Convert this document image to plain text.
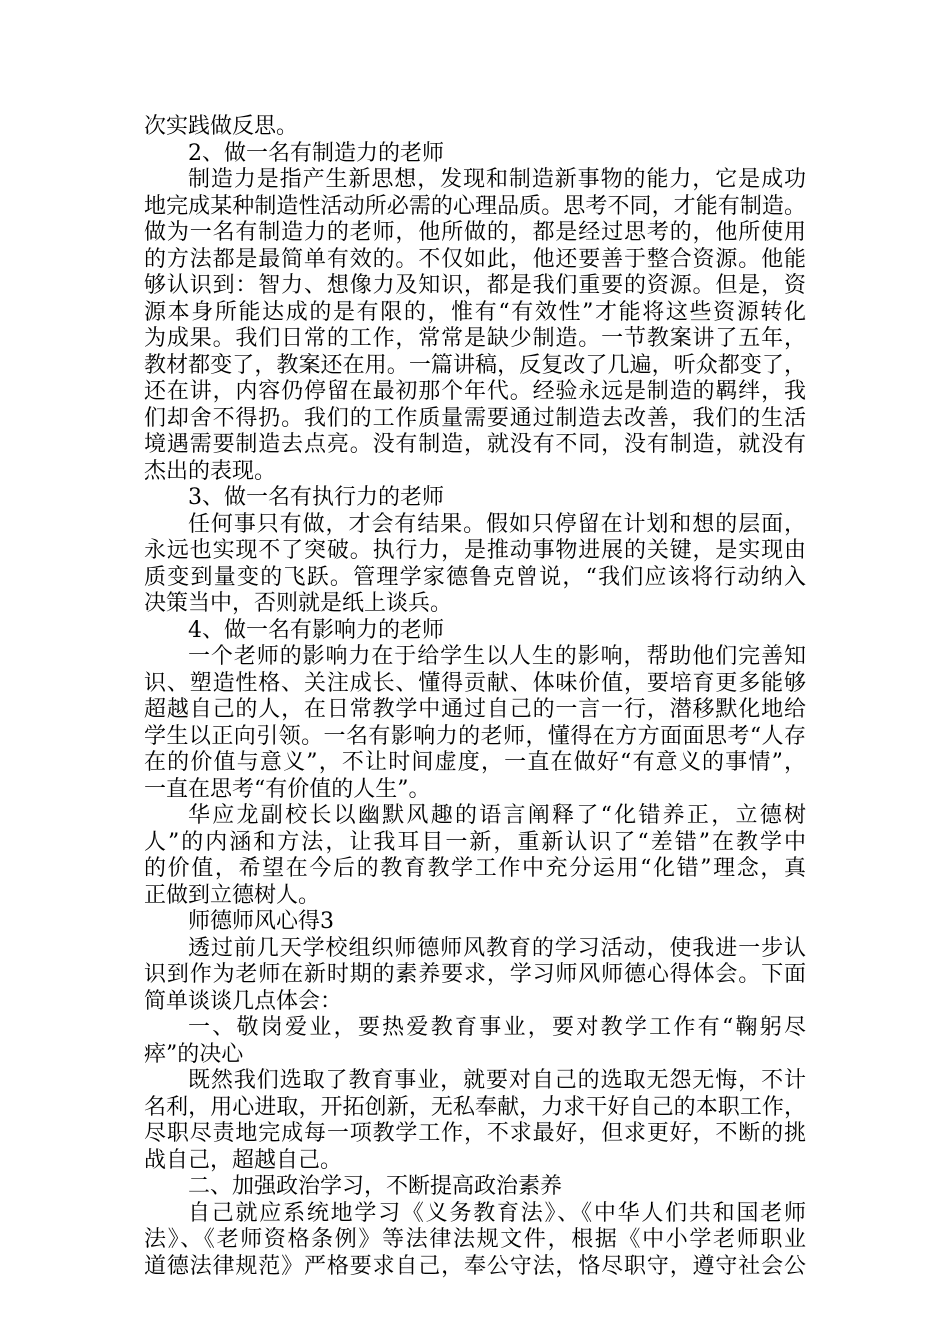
次实践做反思。
2、做一名有制造力的老师
制造力是指产生新思想，发现和制造新事物的能力，它是成功
地完成某种制造性活动所必需的心理品质。思考不同，才能有制造。
做为一名有制造力的老师，他所做的，都是经过思考的，他所使用
的方法都是最简单有效的。不仅如此，他还要善于整合资源。他能
够认识到：智力、想像力及知识，都是我们重要的资源。但是，资
源本身所能达成的是有限的，惟有“有效性”才能将这些资源转化
为成果。我们日常的工作，常常是缺少制造。一节教案讲了五年，
教材都变了，教案还在用。一篇讲稿，反复改了几遍，听众都变了，
还在讲，内容仍停留在最初那个年代。经验永远是制造的羁绊，我
们却舍不得扔。我们的工作质量需要通过制造去改善，我们的生活
境遇需要制造去点亮。没有制造，就没有不同，没有制造，就没有
杰出的表现。
3、做一名有执行力的老师
任何事只有做，才会有结果。假如只停留在计划和想的层面，
永远也实现不了突破。执行力，是推动事物进展的关键，是实现由
质变到量变的飞跃。管理学家德鲁克曾说，“我们应该将行动纳入
决策当中，否则就是纸上谈兵。
4、做一名有影响力的老师
一个老师的影响力在于给学生以人生的影响，帮助他们完善知
识、塑造性格、关注成长、懂得贡献、体味价值，要培育更多能够
超越自己的人，在日常教学中通过自己的一言一行，潜移默化地给
学生以正向引领。一名有影响力的老师，懂得在方方面面思考“人存
在的价值与意义”，不让时间虚度，一直在做好“有意义的事情”，
一直在思考“有价值的人生”。
华应龙副校长以幽默风趣的语言阐释了“化错养正，立德树
人”的内涵和方法，让我耳目一新，重新认识了“差错”在教学中
的价值，希望在今后的教育教学工作中充分运用“化错”理念，真
正做到立德树人。
师德师风心得3
透过前几天学校组织师德师风教育的学习活动，使我进一步认
识到作为老师在新时期的素养要求，学习师风师德心得体会。下面
简单谈谈几点体会：
一、敬岗爱业，要热爱教育事业，要对教学工作有“鞠躬尽
瘁”的决心
既然我们选取了教育事业，就要对自己的选取无怨无悔，不计
名利，用心进取，开拓创新，无私奉献，力求干好自己的本职工作，
尽职尽责地完成每一项教学工作，不求最好，但求更好，不断的挑
战自己，超越自己。
二、加强政治学习，不断提高政治素养
自己就应系统地学习《义务教育法》、《中华人们共和国老师
法》、《老师资格条例》等法律法规文件，根据《中小学老师职业
道德法律规范》严格要求自己，奉公守法，恪尽职守，遵守社会公
